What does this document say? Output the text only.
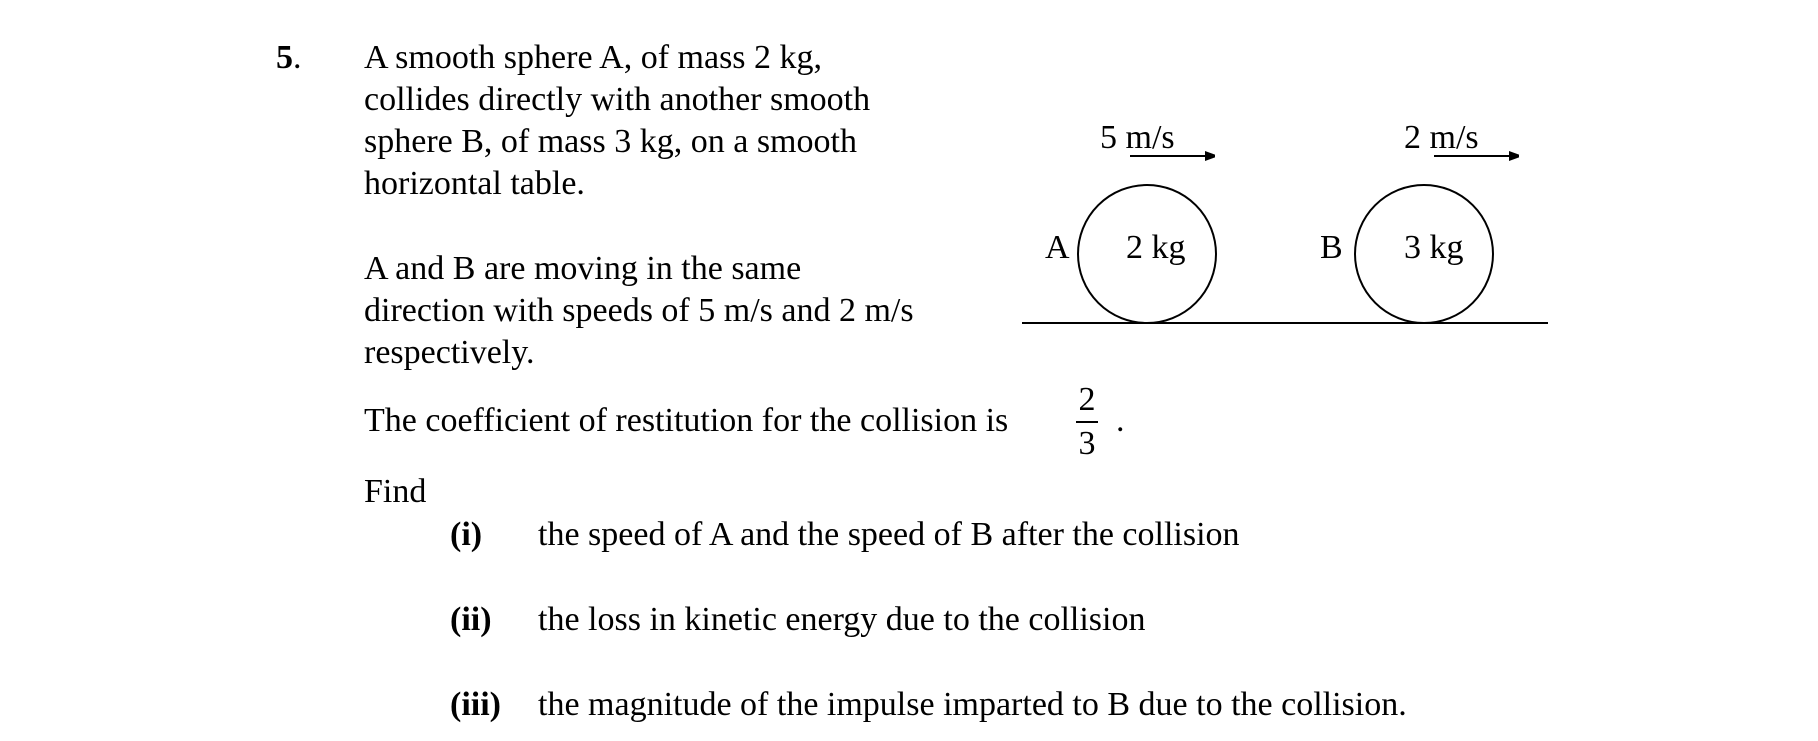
5. A smooth sphere A, of mass 2 kg,
collides directly with another smooth
sphere B, of mass 3 kg, on a smooth
horizontal table.
A and B are moving in the same
direction with speeds of 5 m/s and 2 m/s
respectively.
The coefficient of restitution for the collision is
2
3
.
Find
(i) the speed of A and the speed of B after the collision
(ii) the loss in kinetic energy due to the collision
(iii) the magnitude of the impulse imparted to B due to the collision.
A 2 kg
5 m/s
B 3 kg
2 m/s
